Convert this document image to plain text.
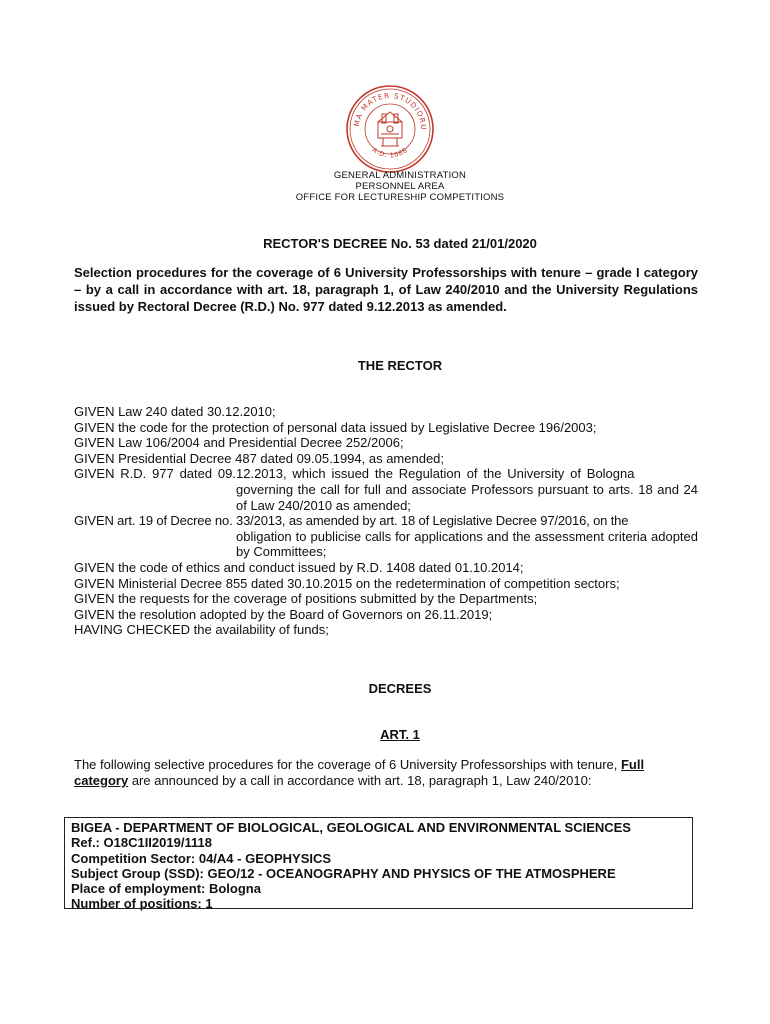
MA MATER STUDIORU
A.D. 1088
GENERAL ADMINISTRATION
PERSONNEL AREA
OFFICE FOR LECTURESHIP COMPETITIONS
RECTOR'S DECREE No. 53 dated 21/01/2020
Selection procedures for the coverage of 6 University Professorships with tenure – grade I category – by a call in accordance with art. 18, paragraph 1, of Law 240/2010 and the University Regulations issued by Rectoral Decree (R.D.) No. 977 dated 9.12.2013 as amended.
THE RECTOR
GIVEN Law 240 dated 30.12.2010;
GIVEN the code for the protection of personal data issued by Legislative Decree 196/2003;
GIVEN Law 106/2004 and Presidential Decree 252/2006;
GIVEN Presidential Decree 487 dated 09.05.1994, as amended;
GIVEN R.D. 977 dated 09.12.2013, which issued the Regulation of the University of Bologna
governing the call for full and associate Professors pursuant to arts. 18 and 24 of Law 240/2010 as amended;
GIVEN art. 19 of Decree no. 33/2013, as amended by art. 18 of Legislative Decree 97/2016, on the
obligation to publicise calls for applications and the assessment criteria adopted by Committees;
GIVEN the code of ethics and conduct issued by R.D. 1408 dated 01.10.2014;
GIVEN Ministerial Decree 855 dated 30.10.2015 on the redetermination of competition sectors;
GIVEN the requests for the coverage of positions submitted by the Departments;
GIVEN the resolution adopted by the Board of Governors on 26.11.2019;
HAVING CHECKED the availability of funds;
DECREES
ART. 1
The following selective procedures for the coverage of 6 University Professorships with tenure, Full category are announced by a call in accordance with art. 18, paragraph 1, Law 240/2010:
BIGEA - DEPARTMENT OF BIOLOGICAL, GEOLOGICAL AND ENVIRONMENTAL SCIENCES
Ref.: O18C1II2019/1118
Competition Sector: 04/A4 - GEOPHYSICS
Subject Group (SSD): GEO/12 - OCEANOGRAPHY AND PHYSICS OF THE ATMOSPHERE
Place of employment: Bologna
Number of positions: 1
